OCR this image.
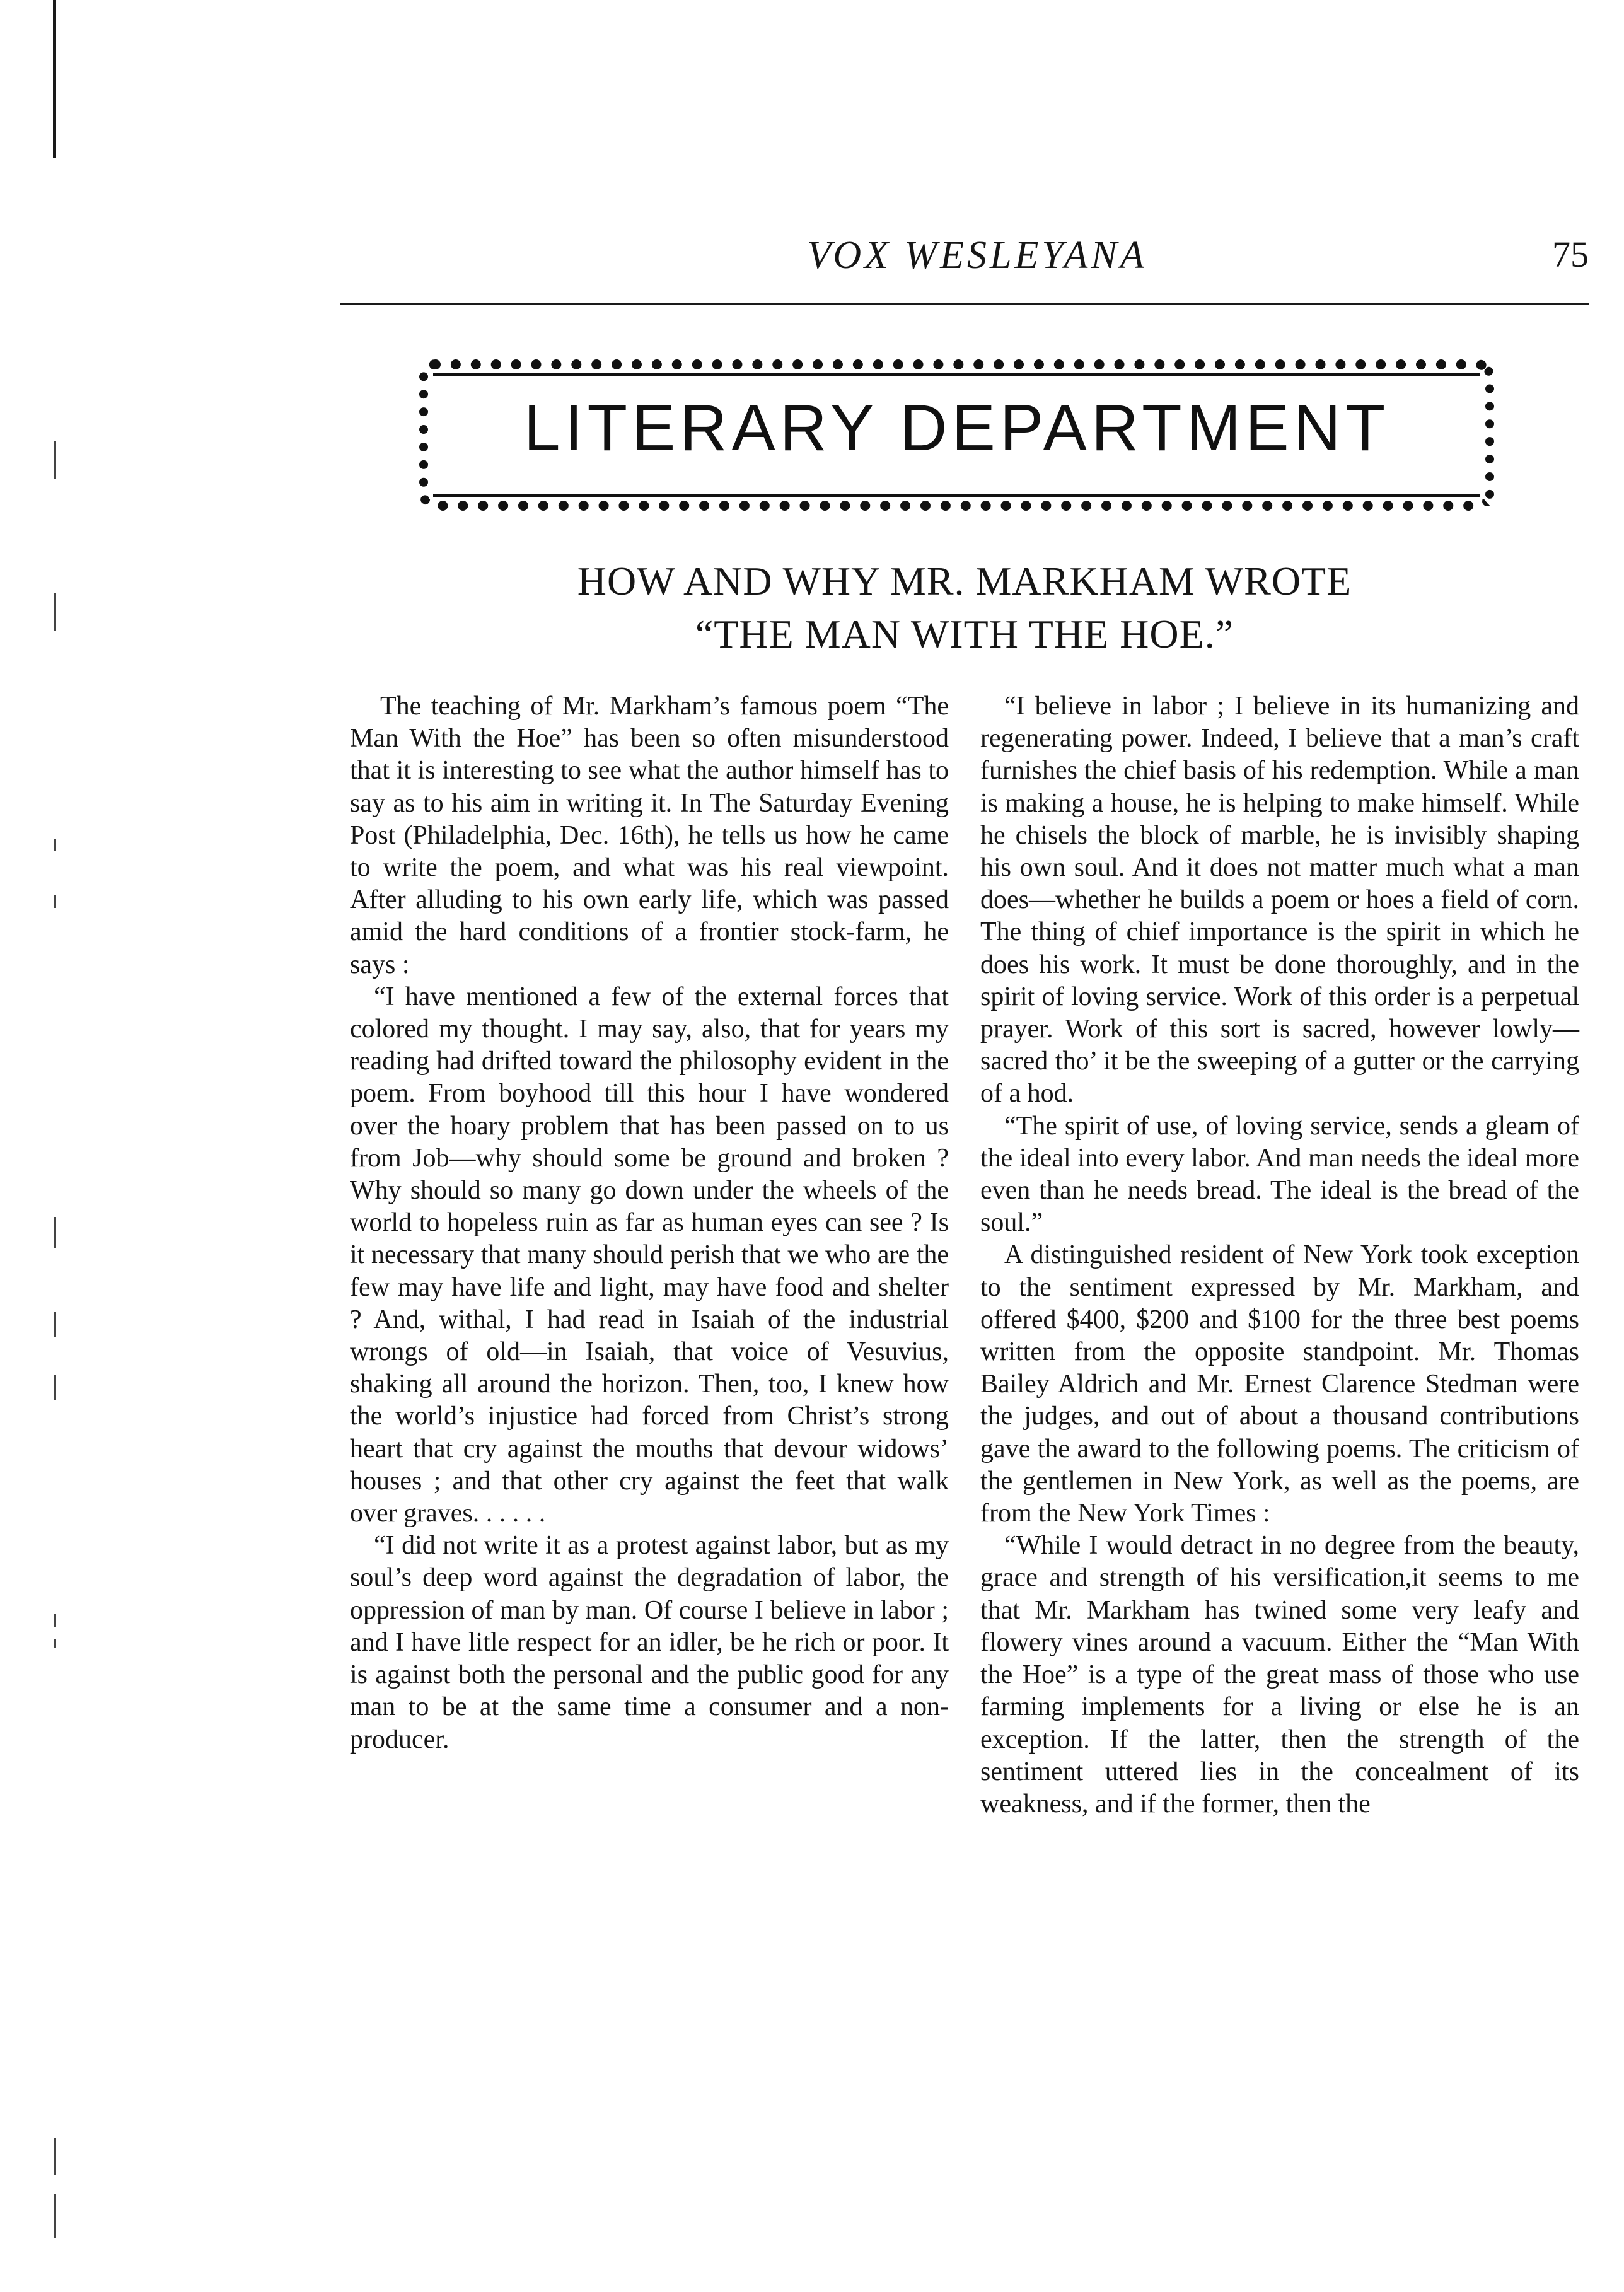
VOX WESLEYANA	75
LITERARY DEPARTMENT
HOW AND WHY MR. MARKHAM WROTE
“THE MAN WITH THE HOE.”

The teaching of Mr. Markham’s famous poem “The Man With the Hoe” has been so often misunderstood that it is interesting to see what the author himself has to say as to his aim in writing it. In The Saturday Evening Post (Philadelphia, Dec. 16th), he tells us how he came to write the poem, and what was his real viewpoint. After alluding to his own early life, which was passed amid the hard conditions of a frontier stock-farm, he says :

“I have mentioned a few of the external forces that colored my thought. I may say, also, that for years my reading had drifted toward the philosophy evident in the poem. From boyhood till this hour I have wondered over the hoary problem that has been passed on to us from Job—why should some be ground and broken ? Why should so many go down under the wheels of the world to hopeless ruin as far as human eyes can see ? Is it necessary that many should perish that we who are the few may have life and light, may have food and shelter ? And, withal, I had read in Isaiah of the industrial wrongs of old—in Isaiah, that voice of Vesuvius, shaking all around the horizon. Then, too, I knew how the world’s injustice had forced from Christ’s strong heart that cry against the mouths that devour widows’ houses ; and that other cry against the feet that walk over graves. . . . . .

“I did not write it as a protest against labor, but as my soul’s deep word against the degradation of labor, the oppression of man by man. Of course I believe in labor ; and I have litle respect for an idler, be he rich or poor. It is against both the personal and the public good for any man to be at the same time a consumer and a non-producer.

“I believe in labor ; I believe in its humanizing and regenerating power. Indeed, I believe that a man’s craft furnishes the chief basis of his redemption. While a man is making a house, he is helping to make himself. While he chisels the block of marble, he is invisibly shaping his own soul. And it does not matter much what a man does—whether he builds a poem or hoes a field of corn. The thing of chief importance is the spirit in which he does his work. It must be done thoroughly, and in the spirit of loving service. Work of this order is a perpetual prayer. Work of this sort is sacred, however lowly—sacred tho’ it be the sweeping of a gutter or the carrying of a hod.

“The spirit of use, of loving service, sends a gleam of the ideal into every labor. And man needs the ideal more even than he needs bread. The ideal is the bread of the soul.”

A distinguished resident of New York took exception to the sentiment expressed by Mr. Markham, and offered $400, $200 and $100 for the three best poems written from the opposite standpoint. Mr. Thomas Bailey Aldrich and Mr. Ernest Clarence Stedman were the judges, and out of about a thousand contributions gave the award to the following poems. The criticism of the gentlemen in New York, as well as the poems, are from the New York Times :

“While I would detract in no degree from the beauty, grace and strength of his versification,it seems to me that Mr. Markham has twined some very leafy and flowery vines around a vacuum. Either the “Man With the Hoe” is a type of the great mass of those who use farming implements for a living or else he is an exception. If the latter, then the strength of the sentiment uttered lies in the concealment of its weakness, and if the former, then the
